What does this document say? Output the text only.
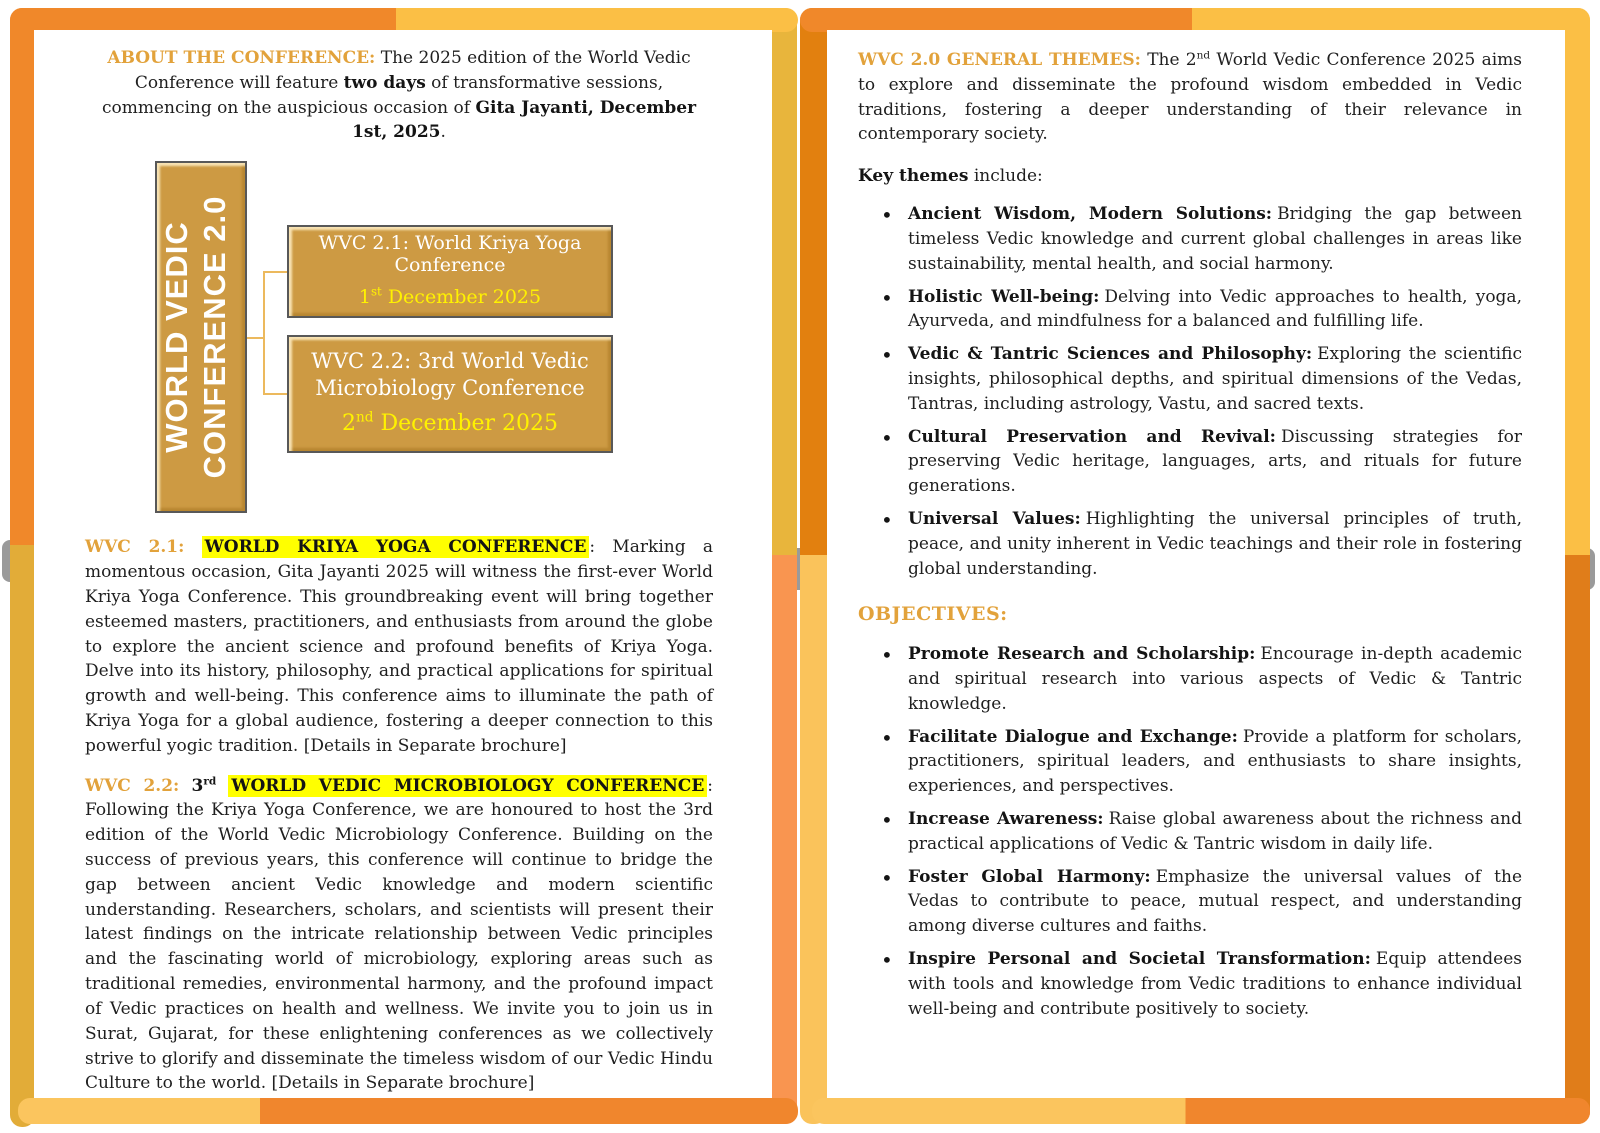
ABOUT THE CONFERENCE: The 2025 edition of the World Vedic Conference will feature two days of transformative sessions, commencing on the auspicious occasion of Gita Jayanti, December 1st, 2025.

WORLD VEDIC CONFERENCE 2.0	WVC 2.1: World Kriya Yoga Conference
1st December 2025
WVC 2.2: 3rd World Vedic Microbiology Conference
2nd December 2025

WVC 2.1: WORLD KRIYA YOGA CONFERENCE : Marking a momentous occasion, Gita Jayanti 2025 will witness the first-ever World Kriya Yoga Conference. This groundbreaking event will bring together esteemed masters, practitioners, and enthusiasts from around the globe to explore the ancient science and profound benefits of Kriya Yoga. Delve into its history, philosophy, and practical applications for spiritual growth and well-being. This conference aims to illuminate the path of Kriya Yoga for a global audience, fostering a deeper connection to this powerful yogic tradition. [Details in Separate brochure]

WVC 2.2: 3rd WORLD VEDIC MICROBIOLOGY CONFERENCE : Following the Kriya Yoga Conference, we are honoured to host the 3rd edition of the World Vedic Microbiology Conference. Building on the success of previous years, this conference will continue to bridge the gap between ancient Vedic knowledge and modern scientific understanding. Researchers, scholars, and scientists will present their latest findings on the intricate relationship between Vedic principles and the fascinating world of microbiology, exploring areas such as traditional remedies, environmental harmony, and the profound impact of Vedic practices on health and wellness. We invite you to join us in Surat, Gujarat, for these enlightening conferences as we collectively strive to glorify and disseminate the timeless wisdom of our Vedic Hindu Culture to the world. [Details in Separate brochure]

WVC 2.0 GENERAL THEMES: The 2nd World Vedic Conference 2025 aims to explore and disseminate the profound wisdom embedded in Vedic traditions, fostering a deeper understanding of their relevance in contemporary society.

Key themes include:

• Ancient Wisdom, Modern Solutions: Bridging the gap between timeless Vedic knowledge and current global challenges in areas like sustainability, mental health, and social harmony.
• Holistic Well-being: Delving into Vedic approaches to health, yoga, Ayurveda, and mindfulness for a balanced and fulfilling life.
• Vedic & Tantric Sciences and Philosophy: Exploring the scientific insights, philosophical depths, and spiritual dimensions of the Vedas, Tantras, including astrology, Vastu, and sacred texts.
• Cultural Preservation and Revival: Discussing strategies for preserving Vedic heritage, languages, arts, and rituals for future generations.
• Universal Values: Highlighting the universal principles of truth, peace, and unity inherent in Vedic teachings and their role in fostering global understanding.

OBJECTIVES:

• Promote Research and Scholarship: Encourage in-depth academic and spiritual research into various aspects of Vedic & Tantric knowledge.
• Facilitate Dialogue and Exchange: Provide a platform for scholars, practitioners, spiritual leaders, and enthusiasts to share insights, experiences, and perspectives.
• Increase Awareness: Raise global awareness about the richness and practical applications of Vedic & Tantric wisdom in daily life.
• Foster Global Harmony: Emphasize the universal values of the Vedas to contribute to peace, mutual respect, and understanding among diverse cultures and faiths.
• Inspire Personal and Societal Transformation: Equip attendees with tools and knowledge from Vedic traditions to enhance individual well-being and contribute positively to society.
